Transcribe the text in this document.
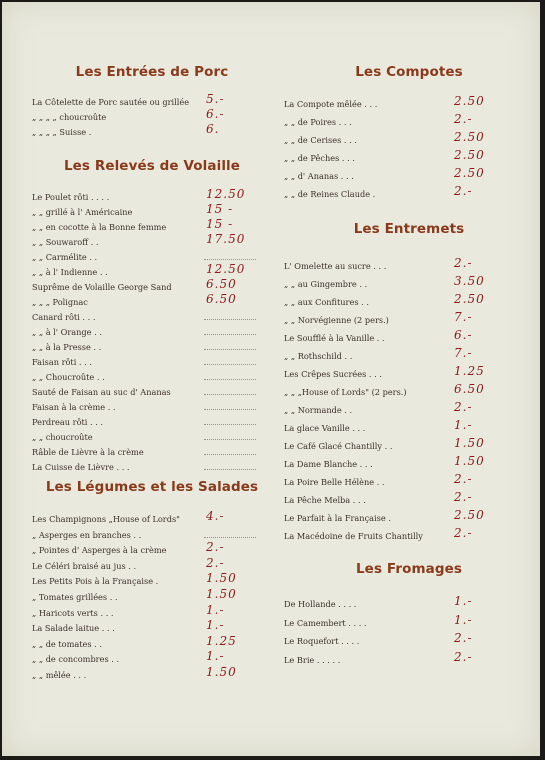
Les Entrées de Porc
La Côtelette de Porc sautée ou grillée 5.-
„ „ „ „ choucroûte	6.-
„ „ „ „ Suisse .	6.
Les Relevés de Volaille
Le Poulet rôti . . . .	12.50
„ „ grillé à l' Américaine	15 -
„ „ en cocotte à la Bonne femme	15 -
„ „ Souwaroff . .	17.50
„ „ Carmélite . .
„ „ à l' Indienne . .	12.50
Suprême de Volaille George Sand	6.50
„ „ „ Polignac	6.50
Canard rôti . . .
„ „ à l' Orange . .
„ „ à la Presse . .
Faisan rôti . . .
„ „ Choucroûte . .
Sauté de Faisan au suc d' Ananas
Faisan à la crème . .
Perdreau rôti . . .
„ „ choucroûte
Râble de Lièvre à la crème
La Cuisse de Lièvre . . .
Les Légumes et les Salades
Les Champignons „House of Lords" 4.-
„ Asperges en branches . .
„ Pointes d' Asperges à la crème	2.-
Le Céléri braisé au jus . .	2.-
Les Petits Pois à la Française .	1.50
„ Tomates grillées . .	1.50
„ Haricots verts . . .	1.-
La Salade laitue . . .	1.-
„ „ de tomates . .	1.25
„ „ de concombres . .	1.-
„ „ mêlée . . .	1.50
Les Compotes
La Compote mêlée . . .	2.50
„ „ de Poires . . .	2.-
„ „ de Cerises . . .	2.50
„ „ de Pêches . . .	2.50
„ „ d' Ananas . . .	2.50
„ „ de Reines Claude .	2.-
Les Entremets
L' Omelette au sucre . . .	2.-
„ „ au Gingembre . .	3.50
„ „ aux Confitures . .	2.50
„ „ Norvégienne (2 pers.)	7.-
Le Soufflé à la Vanille . .	6.-
„ „ Rothschild . .	7.-
Les Crêpes Sucrées . . .	1.25
„ „ „House of Lords" (2 pers.)	6.50
„ „ Normande . .	2.-
La glace Vanille . . .	1.-
Le Café Glacé Chantilly . .	1.50
La Dame Blanche . . .	1.50
La Poire Belle Hélène . .	2.-
La Pêche Melba . . .	2.-
Le Parfait à la Française .	2.50
La Macédoine de Fruits Chantilly	2.-
Les Fromages
De Hollande . . . .	1.-
Le Camembert . . . .	1.-
Le Roquefort . . . .	2.-
Le Brie . . . . .	2.-
